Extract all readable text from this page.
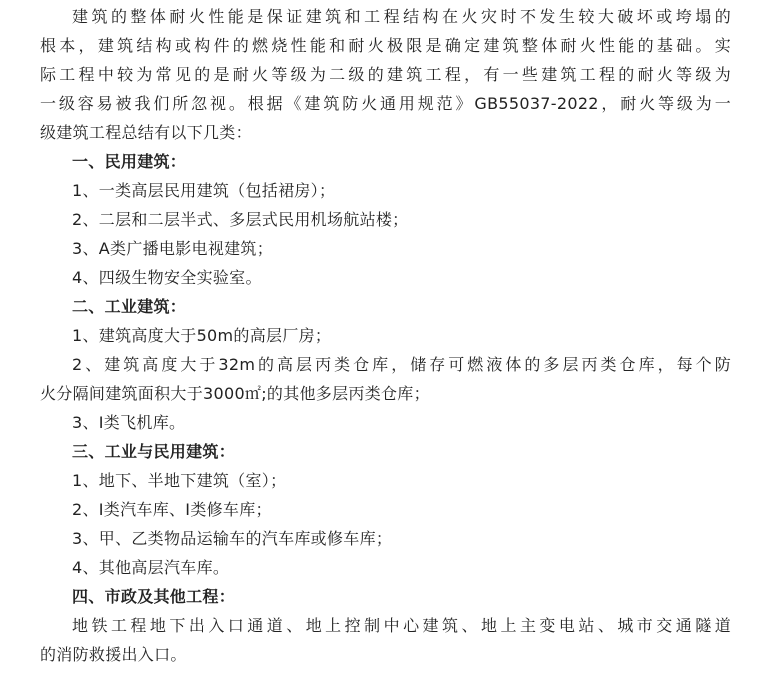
建筑的整体耐火性能是保证建筑和工程结构在火灾时不发生较大破坏或垮塌的
根本，建筑结构或构件的燃烧性能和耐火极限是确定建筑整体耐火性能的基础。实
际工程中较为常见的是耐火等级为二级的建筑工程，有一些建筑工程的耐火等级为
一级容易被我们所忽视。根据《建筑防火通用规范》GB55037-2022，耐火等级为一
级建筑工程总结有以下几类：
一、民用建筑：
1、一类高层民用建筑（包括裙房）；
2、二层和二层半式、多层式民用机场航站楼；
3、A类广播电影电视建筑；
4、四级生物安全实验室。
二、工业建筑：
1、建筑高度大于50m的高层厂房；
2、建筑高度大于32m的高层丙类仓库，储存可燃液体的多层丙类仓库，每个防
火分隔间建筑面积大于3000㎡;的其他多层丙类仓库；
3、Ⅰ类飞机库。
三、工业与民用建筑：
1、地下、半地下建筑（室）；
2、Ⅰ类汽车库、Ⅰ类修车库；
3、甲、乙类物品运输车的汽车库或修车库；
4、其他高层汽车库。
四、市政及其他工程：
地铁工程地下出入口通道、地上控制中心建筑、地上主变电站、城市交通隧道
的消防救援出入口。
